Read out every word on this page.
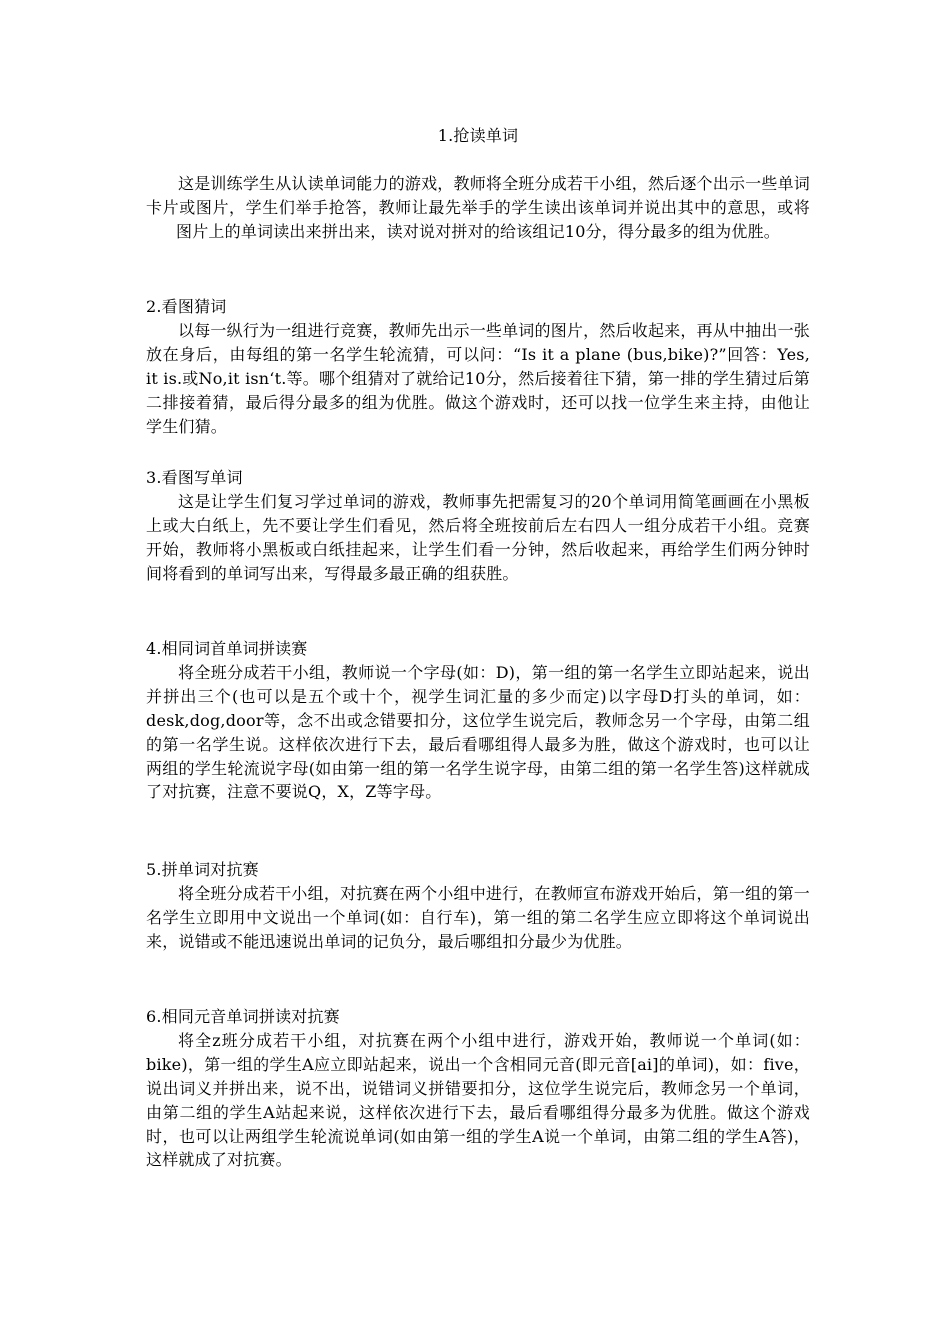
1.抢读单词

这是训练学生从认读单词能力的游戏，教师将全班分成若干小组，然后逐个出示一些单词卡片或图片，学生们举手抢答，教师让最先举手的学生读出该单词并说出其中的意思，或将图片上的单词读出来拼出来，读对说对拼对的给该组记10分，得分最多的组为优胜。

2.看图猜词

以每一纵行为一组进行竞赛，教师先出示一些单词的图片，然后收起来，再从中抽出一张放在身后，由每组的第一名学生轮流猜，可以问：“Is it a plane (bus,bike)?”回答：Yes, it is.或No,it isn‘t.等。哪个组猜对了就给记10分，然后接着往下猜，第一排的学生猜过后第二排接着猜，最后得分最多的组为优胜。做这个游戏时，还可以找一位学生来主持，由他让学生们猜。

3.看图写单词

这是让学生们复习学过单词的游戏，教师事先把需复习的20个单词用简笔画画在小黑板上或大白纸上，先不要让学生们看见，然后将全班按前后左右四人一组分成若干小组。竞赛开始，教师将小黑板或白纸挂起来，让学生们看一分钟，然后收起来，再给学生们两分钟时间将看到的单词写出来，写得最多最正确的组获胜。

4.相同词首单词拼读赛

将全班分成若干小组，教师说一个字母(如：D)，第一组的第一名学生立即站起来，说出并拼出三个(也可以是五个或十个，视学生词汇量的多少而定)以字母D打头的单词，如：desk,dog,door等，念不出或念错要扣分，这位学生说完后，教师念另一个字母，由第二组的第一名学生说。这样依次进行下去，最后看哪组得人最多为胜，做这个游戏时，也可以让两组的学生轮流说字母(如由第一组的第一名学生说字母，由第二组的第一名学生答)这样就成了对抗赛，注意不要说Q，X，Z等字母。

5.拼单词对抗赛

将全班分成若干小组，对抗赛在两个小组中进行，在教师宣布游戏开始后，第一组的第一名学生立即用中文说出一个单词(如：自行车)，第一组的第二名学生应立即将这个单词说出来，说错或不能迅速说出单词的记负分，最后哪组扣分最少为优胜。

6.相同元音单词拼读对抗赛

将全z班分成若干小组，对抗赛在两个小组中进行，游戏开始，教师说一个单词(如：bike)，第一组的学生A应立即站起来，说出一个含相同元音(即元音[ai]的单词)，如：five，说出词义并拼出来，说不出，说错词义拼错要扣分，这位学生说完后，教师念另一个单词，由第二组的学生A站起来说，这样依次进行下去，最后看哪组得分最多为优胜。做这个游戏时，也可以让两组学生轮流说单词(如由第一组的学生A说一个单词，由第二组的学生A答)，这样就成了对抗赛。
